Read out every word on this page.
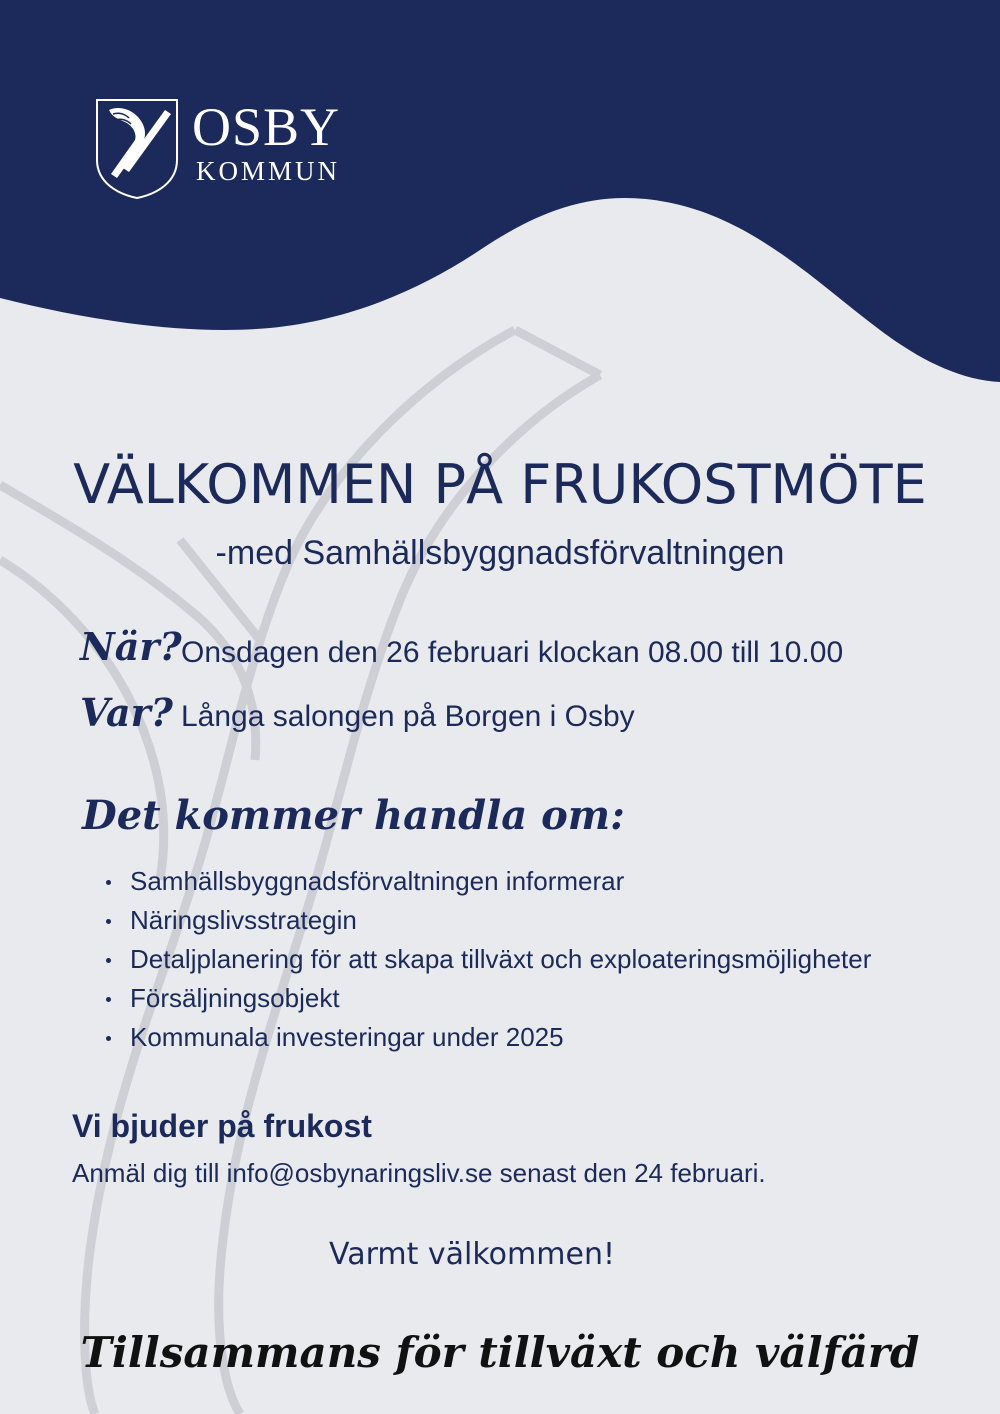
OSBY
KOMMUN
VÄLKOMMEN PÅ FRUKOSTMÖTE
-med Samhällsbyggnadsförvaltningen
När? Onsdagen den 26 februari klockan 08.00 till 10.00
Var? Långa salongen på Borgen i Osby
Det kommer handla om:
Samhällsbyggnadsförvaltningen informerar
Näringslivsstrategin
Detaljplanering för att skapa tillväxt och exploateringsmöjligheter
Försäljningsobjekt
Kommunala investeringar under 2025
Vi bjuder på frukost
Anmäl dig till info@osbynaringsliv.se senast den 24 februari.
Varmt välkommen!
Tillsammans för tillväxt och välfärd
